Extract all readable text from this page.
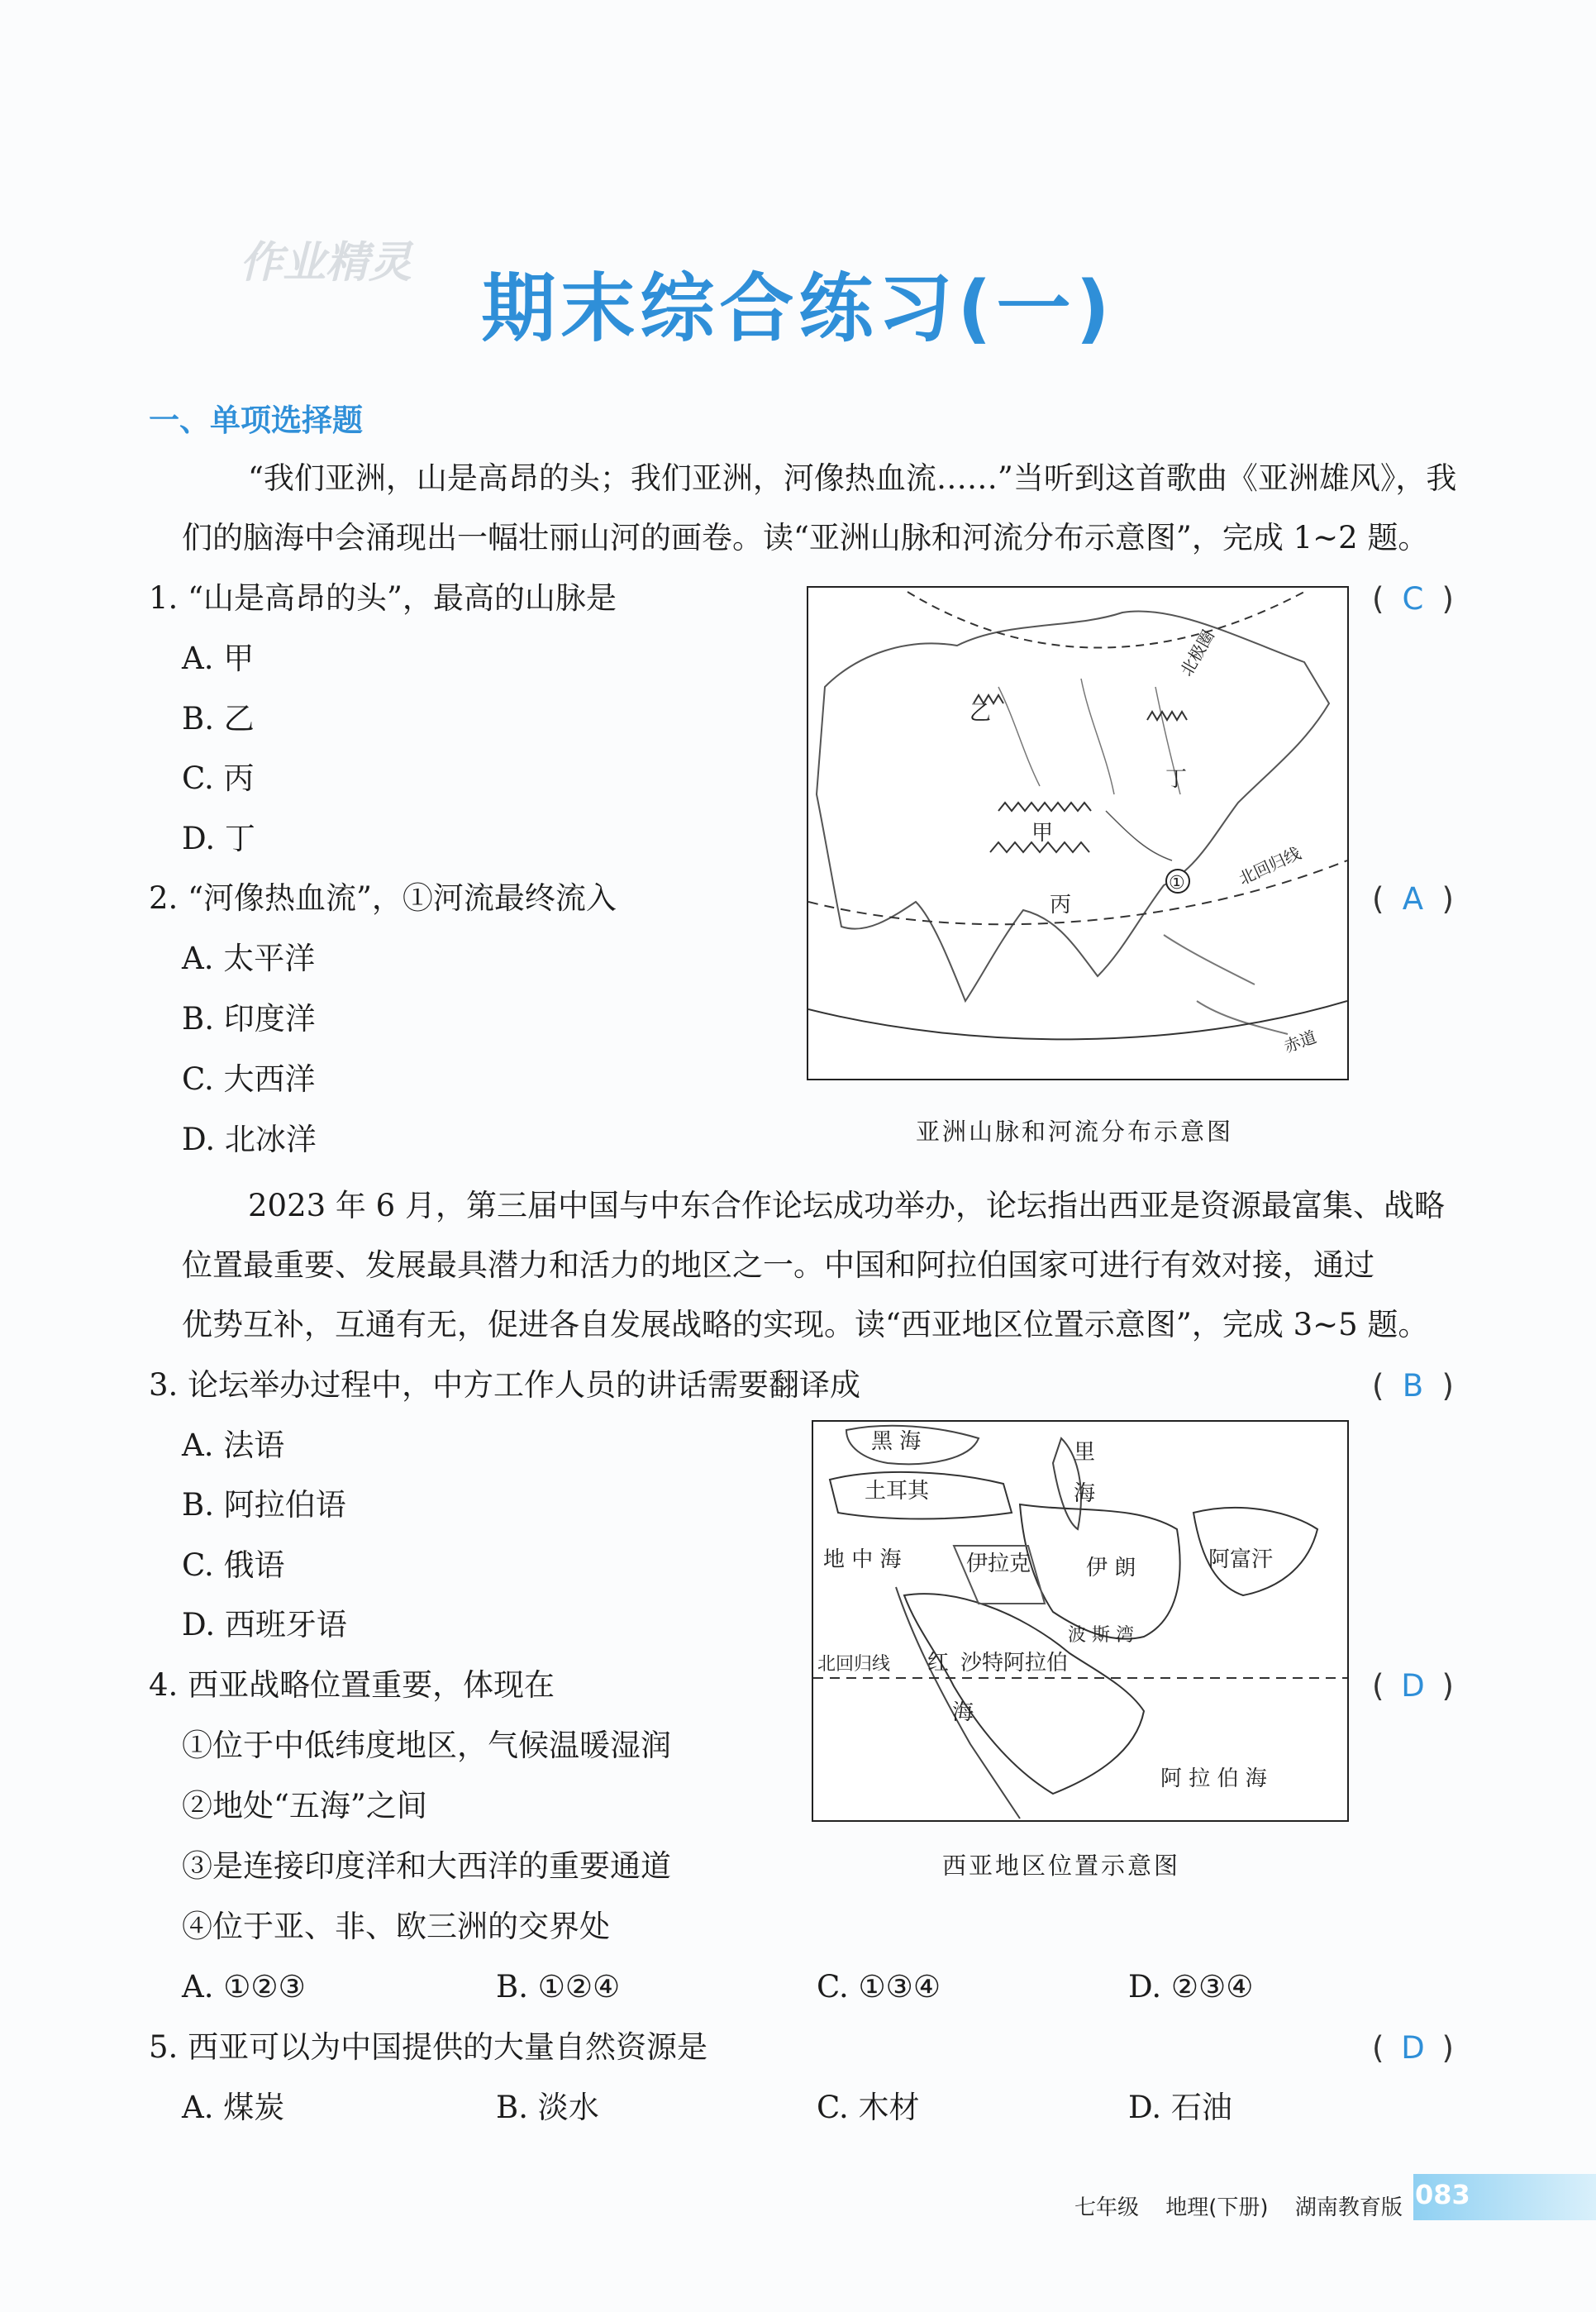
作业精灵
期末综合练习(一)
一、单项选择题
“我们亚洲，山是高昂的头；我们亚洲，河像热血流……”当听到这首歌曲《亚洲雄风》，我
们的脑海中会涌现出一幅壮丽山河的画卷。读“亚洲山脉和河流分布示意图”，完成 1~2 题。
1. “山是高昂的头”，最高的山脉是	( C )
A. 甲
B. 乙
C. 丙
D. 丁
2. “河像热血流”，①河流最终流入	( A )
A. 太平洋
B. 印度洋
C. 大西洋
D. 北冰洋
乙
甲
丙
丁
①
北极圈
北回归线
赤道
亚洲山脉和河流分布示意图
2023 年 6 月，第三届中国与中东合作论坛成功举办，论坛指出西亚是资源最富集、战略
位置最重要、发展最具潜力和活力的地区之一。中国和阿拉伯国家可进行有效对接，通过
优势互补，互通有无，促进各自发展战略的实现。读“西亚地区位置示意图”，完成 3~5 题。
3. 论坛举办过程中，中方工作人员的讲话需要翻译成	( B )
A. 法语
B. 阿拉伯语
C. 俄语
D. 西班牙语
黑 海
土耳其
里
海
地 中 海	伊拉克	伊 朗	阿富汗
波 斯 湾
北回归线 红
海
沙特阿拉伯
阿 拉 伯 海
西亚地区位置示意图
4. 西亚战略位置重要，体现在	( D )
①位于中低纬度地区，气候温暖湿润
②地处“五海”之间
③是连接印度洋和大西洋的重要通道
④位于亚、非、欧三洲的交界处
A. ①②③	B. ①②④	C. ①③④	D. ②③④
5. 西亚可以为中国提供的大量自然资源是	( D )
A. 煤炭	B. 淡水	C. 木材	D. 石油
七年级 地理(下册) 湖南教育版 083
